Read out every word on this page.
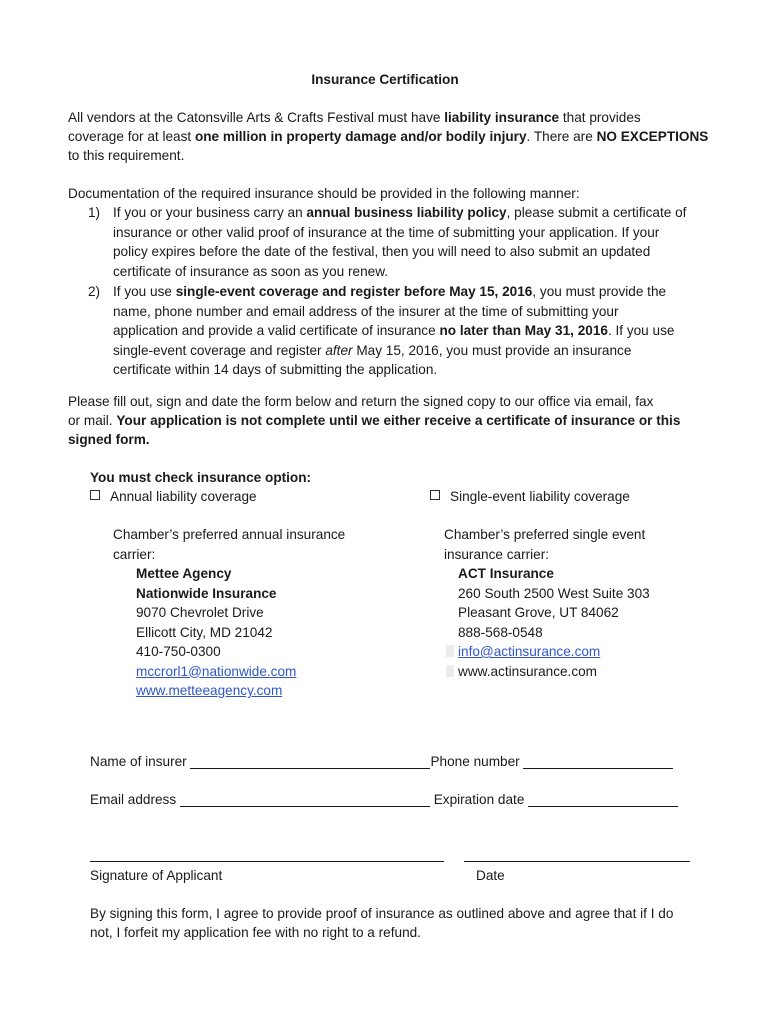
Insurance Certification
All vendors at the Catonsville Arts & Crafts Festival must have liability insurance that provides
coverage for at least one million in property damage and/or bodily injury. There are NO EXCEPTIONS
to this requirement.
Documentation of the required insurance should be provided in the following manner:
1) If you or your business carry an annual business liability policy, please submit a certificate of
insurance or other valid proof of insurance at the time of submitting your application. If your
policy expires before the date of the festival, then you will need to also submit an updated
certificate of insurance as soon as you renew.
2) If you use single-event coverage and register before May 15, 2016, you must provide the
name, phone number and email address of the insurer at the time of submitting your
application and provide a valid certificate of insurance no later than May 31, 2016. If you use
single-event coverage and register after May 15, 2016, you must provide an insurance
certificate within 14 days of submitting the application.
Please fill out, sign and date the form below and return the signed copy to our office via email, fax
or mail. Your application is not complete until we either receive a certificate of insurance or this
signed form.
You must check insurance option:
Annual liability coverage	Single-event liability coverage
Chamber’s preferred annual insurance
carrier:
Mettee Agency
Nationwide Insurance
9070 Chevrolet Drive
Ellicott City, MD 21042
410-750-0300
mccrorl1@nationwide.com
www.metteeagency.com
Chamber’s preferred single event
insurance carrier:
ACT Insurance
260 South 2500 West Suite 303
Pleasant Grove, UT 84062
888-568-0548
info@actinsurance.com
www.actinsurance.com
Name of insurer	Phone number
Email address	Expiration date
Signature of Applicant	Date
By signing this form, I agree to provide proof of insurance as outlined above and agree that if I do
not, I forfeit my application fee with no right to a refund.
